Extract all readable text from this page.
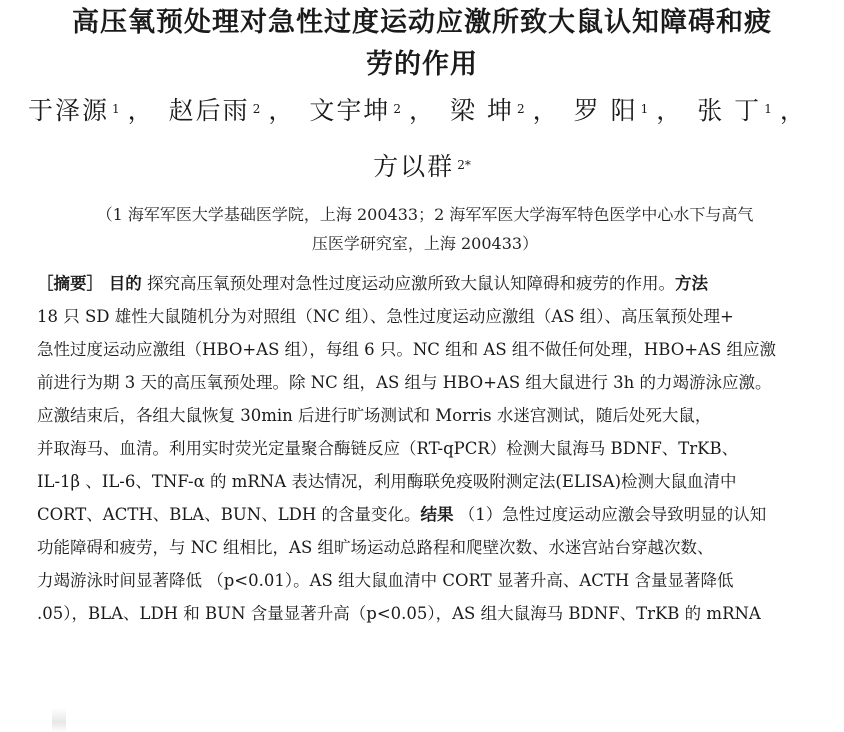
高压氧预处理对急性过度运动应激所致大鼠认知障碍和疲
劳的作用
于泽源 $^1$ ， 赵后雨 $^2$ ， 文宇坤 $^2$ ， 梁 坤 $^2$ ， 罗 阳 $^1$ ， 张 丁 $^1$ ，
方以群 $^{2*}$
（1 海军军医大学基础医学院，上海 200433；2 海军军医大学海军特色医学中心水下与高气
压医学研究室，上海 200433）
［摘要］ 目的 探究高压氧预处理对急性过度运动应激所致大鼠认知障碍和疲劳的作用。方法
18 只 SD 雄性大鼠随机分为对照组（NC 组）、急性过度运动应激组（AS 组）、高压氧预处理+
急性过度运动应激组（HBO+AS 组），每组 6 只。NC 组和 AS 组不做任何处理，HBO+AS 组应激
前进行为期 3 天的高压氧预处理。除 NC 组，AS 组与 HBO+AS 组大鼠进行 3h 的力竭游泳应激。
应激结束后，各组大鼠恢复 30min 后进行旷场测试和 Morris 水迷宫测试，随后处死大鼠，
并取海马、血清。利用实时荧光定量聚合酶链反应（RT-qPCR）检测大鼠海马 BDNF、TrKB、
IL-1β 、IL-6、TNF-α 的 mRNA 表达情况，利用酶联免疫吸附测定法(ELISA)检测大鼠血清中
CORT、ACTH、BLA、BUN、LDH 的含量变化。结果 （1）急性过度运动应激会导致明显的认知
功能障碍和疲劳，与 NC 组相比，AS 组旷场运动总路程和爬壁次数、水迷宫站台穿越次数、
力竭游泳时间显著降低 （p<0.01）。AS 组大鼠血清中 CORT 显著升高、ACTH 含量显著降低
.05），BLA、LDH 和 BUN 含量显著升高（p<0.05），AS 组大鼠海马 BDNF、TrKB 的 mRNA
